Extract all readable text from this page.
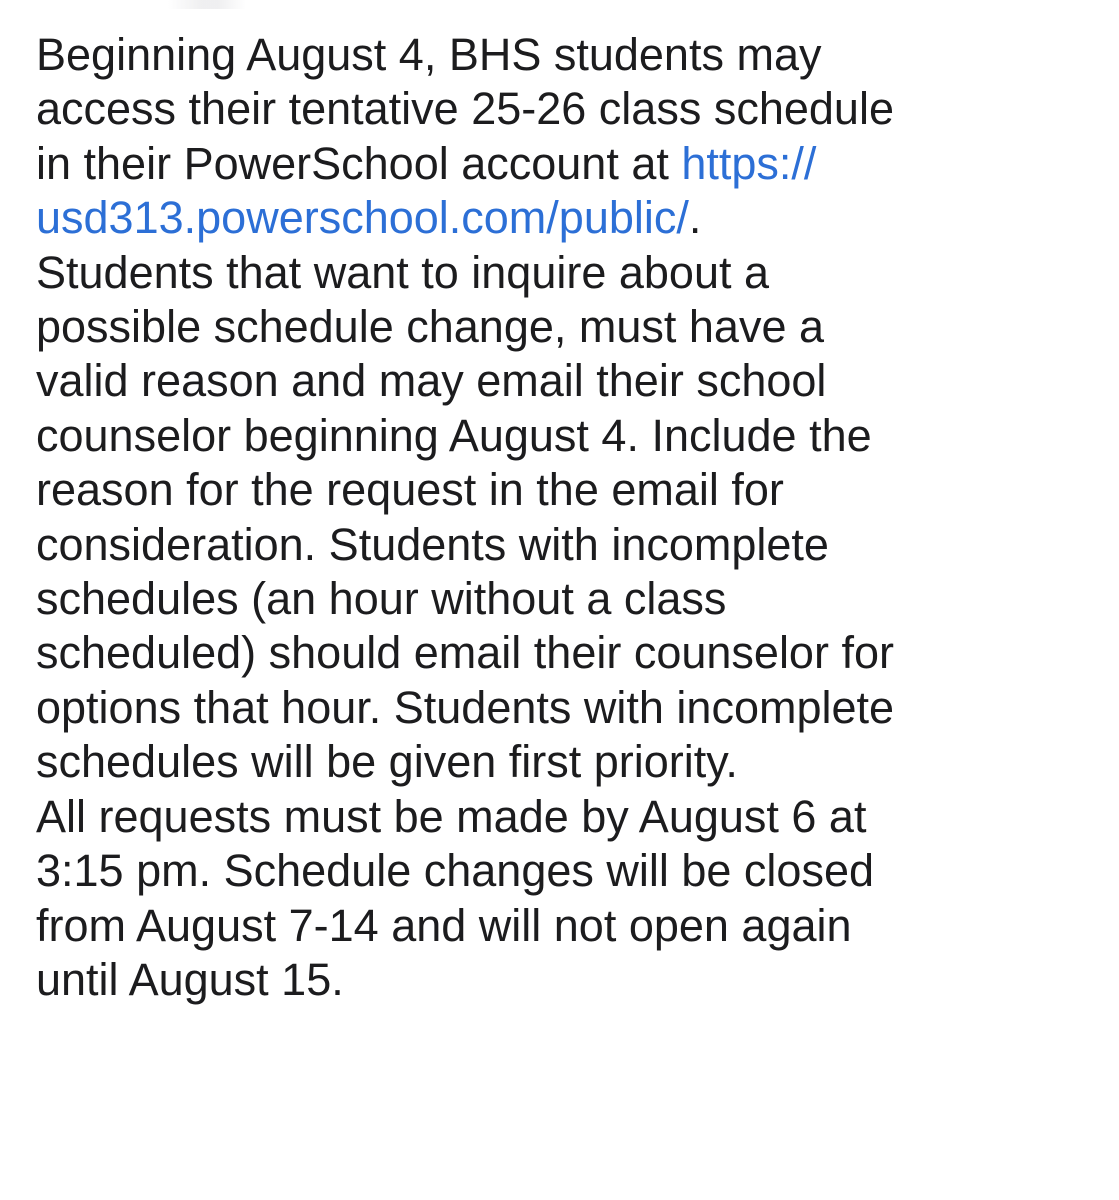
Beginning August 4, BHS students may
access their tentative 25-26 class schedule
in their PowerSchool account at https://
usd313.powerschool.com/public/.
Students that want to inquire about a
possible schedule change, must have a
valid reason and may email their school
counselor beginning August 4. Include the
reason for the request in the email for
consideration. Students with incomplete
schedules (an hour without a class
scheduled) should email their counselor for
options that hour. Students with incomplete
schedules will be given first priority.
All requests must be made by August 6 at
3:15 pm. Schedule changes will be closed
from August 7-14 and will not open again
until August 15.
